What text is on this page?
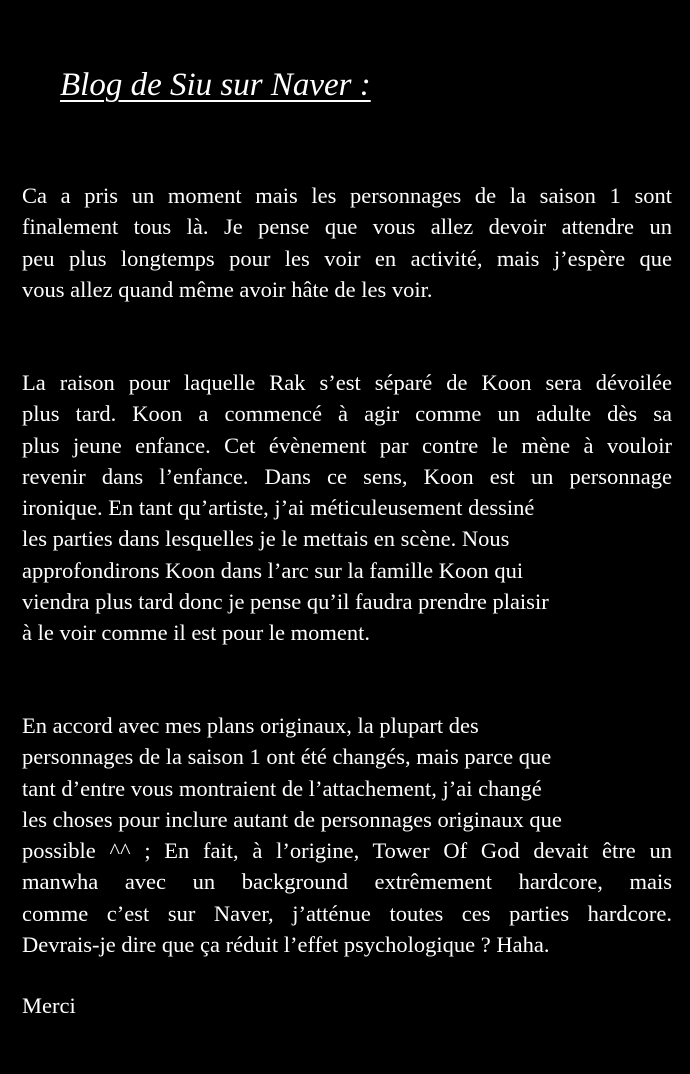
Blog de Siu sur Naver :
Ca a pris un moment mais les personnages de la saison 1 sont
finalement tous là. Je pense que vous allez devoir attendre un
peu plus longtemps pour les voir en activité, mais j’espère que
vous allez quand même avoir hâte de les voir.
La raison pour laquelle Rak s’est séparé de Koon sera dévoilée
plus tard. Koon a commencé à agir comme un adulte dès sa
plus jeune enfance. Cet évènement par contre le mène à vouloir
revenir dans l’enfance. Dans ce sens, Koon est un personnage
ironique. En tant qu’artiste, j’ai méticuleusement dessiné
les parties dans lesquelles je le mettais en scène. Nous
approfondirons Koon dans l’arc sur la famille Koon qui
viendra plus tard donc je pense qu’il faudra prendre plaisir
à le voir comme il est pour le moment.
En accord avec mes plans originaux, la plupart des
personnages de la saison 1 ont été changés, mais parce que
tant d’entre vous montraient de l’attachement, j’ai changé
les choses pour inclure autant de personnages originaux que
possible ^^ ; En fait, à l’origine, Tower Of God devait être un
manwha avec un background extrêmement hardcore, mais
comme c’est sur Naver, j’atténue toutes ces parties hardcore.
Devrais-je dire que ça réduit l’effet psychologique ? Haha.
Merci
